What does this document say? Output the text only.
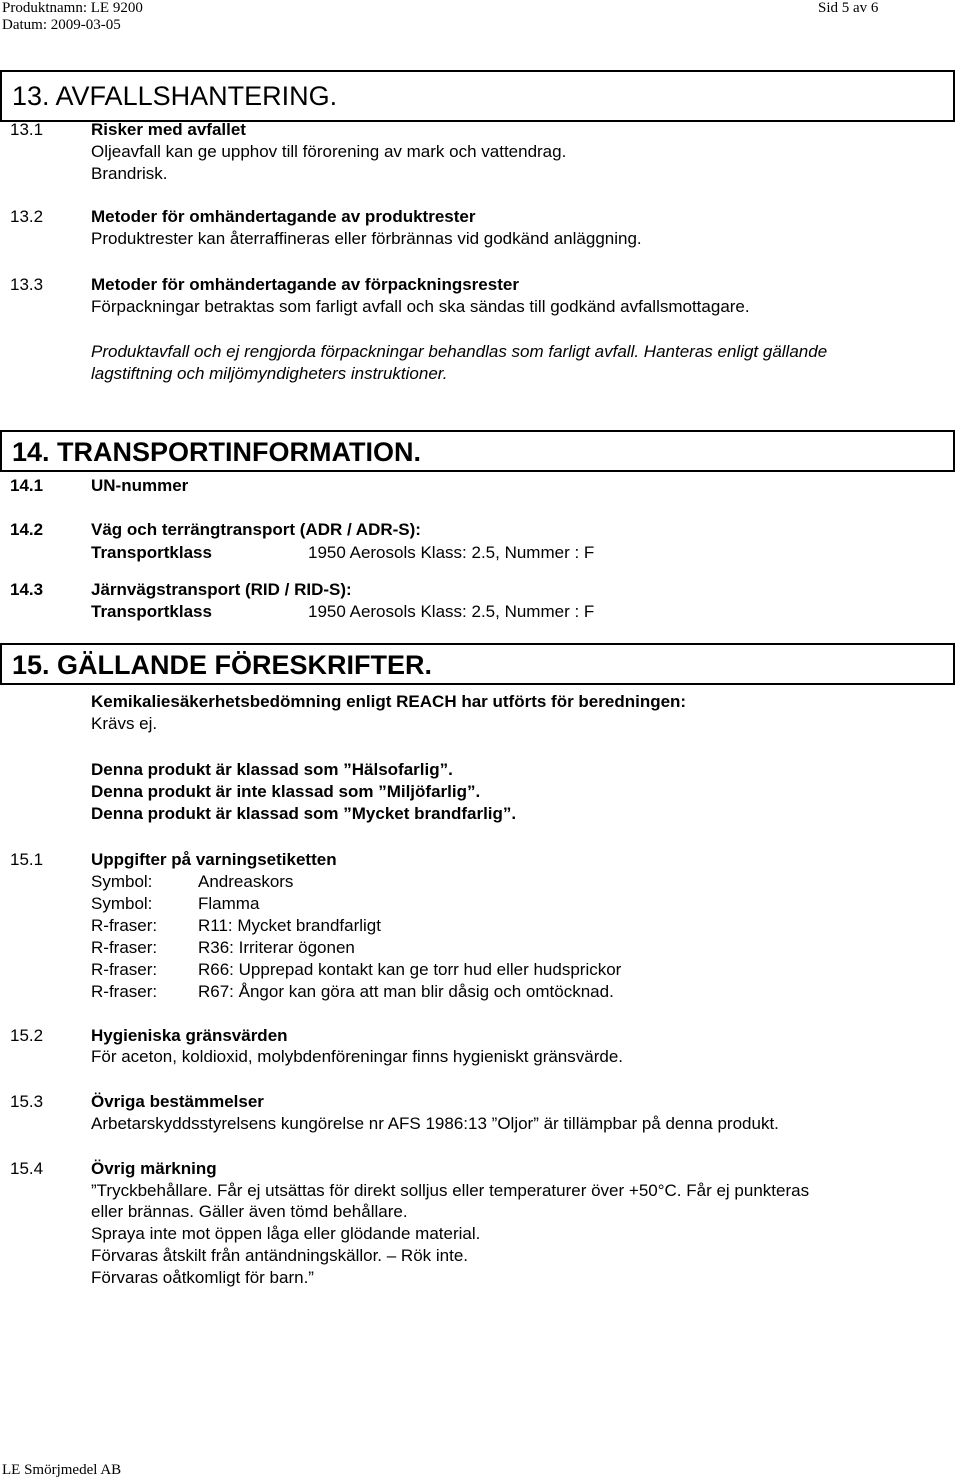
Produktnamn: LE 9200
Datum: 2009-03-05
Sid 5 av 6
13. AVFALLSHANTERING.
13.1	Risker med avfallet
Oljeavfall kan ge upphov till förorening av mark och vattendrag.
Brandrisk.
13.2	Metoder för omhändertagande av produktrester
Produktrester kan återraffineras eller förbrännas vid godkänd anläggning.
13.3	Metoder för omhändertagande av förpackningsrester
Förpackningar betraktas som farligt avfall och ska sändas till godkänd avfallsmottagare.
Produktavfall och ej rengjorda förpackningar behandlas som farligt avfall. Hanteras enligt gällande
lagstiftning och miljömyndigheters instruktioner.
14. TRANSPORTINFORMATION.
14.1	UN-nummer
14.2	Väg och terrängtransport (ADR / ADR-S):
Transportklass	1950 Aerosols Klass: 2.5, Nummer : F
14.3	Järnvägstransport (RID / RID-S):
Transportklass	1950 Aerosols Klass: 2.5, Nummer : F
15. GÄLLANDE FÖRESKRIFTER.
Kemikaliesäkerhetsbedömning enligt REACH har utförts för beredningen:
Krävs ej.
Denna produkt är klassad som ”Hälsofarlig”.
Denna produkt är inte klassad som ”Miljöfarlig”.
Denna produkt är klassad som ”Mycket brandfarlig”.
15.1	Uppgifter på varningsetiketten
Symbol:	Andreaskors
Symbol:	Flamma
R-fraser: R11: Mycket brandfarligt
R-fraser: R36: Irriterar ögonen
R-fraser: R66: Upprepad kontakt kan ge torr hud eller hudsprickor
R-fraser: R67: Ångor kan göra att man blir dåsig och omtöcknad.
15.2	Hygieniska gränsvärden
För aceton, koldioxid, molybdenföreningar finns hygieniskt gränsvärde.
15.3	Övriga bestämmelser
Arbetarskyddsstyrelsens kungörelse nr AFS 1986:13 ”Oljor” är tillämpbar på denna produkt.
15.4	Övrig märkning
”Tryckbehållare. Får ej utsättas för direkt solljus eller temperaturer över +50°C. Får ej punkteras
eller brännas. Gäller även tömd behållare.
Spraya inte mot öppen låga eller glödande material.
Förvaras åtskilt från antändningskällor. – Rök inte.
Förvaras oåtkomligt för barn.”
LE Smörjmedel AB
